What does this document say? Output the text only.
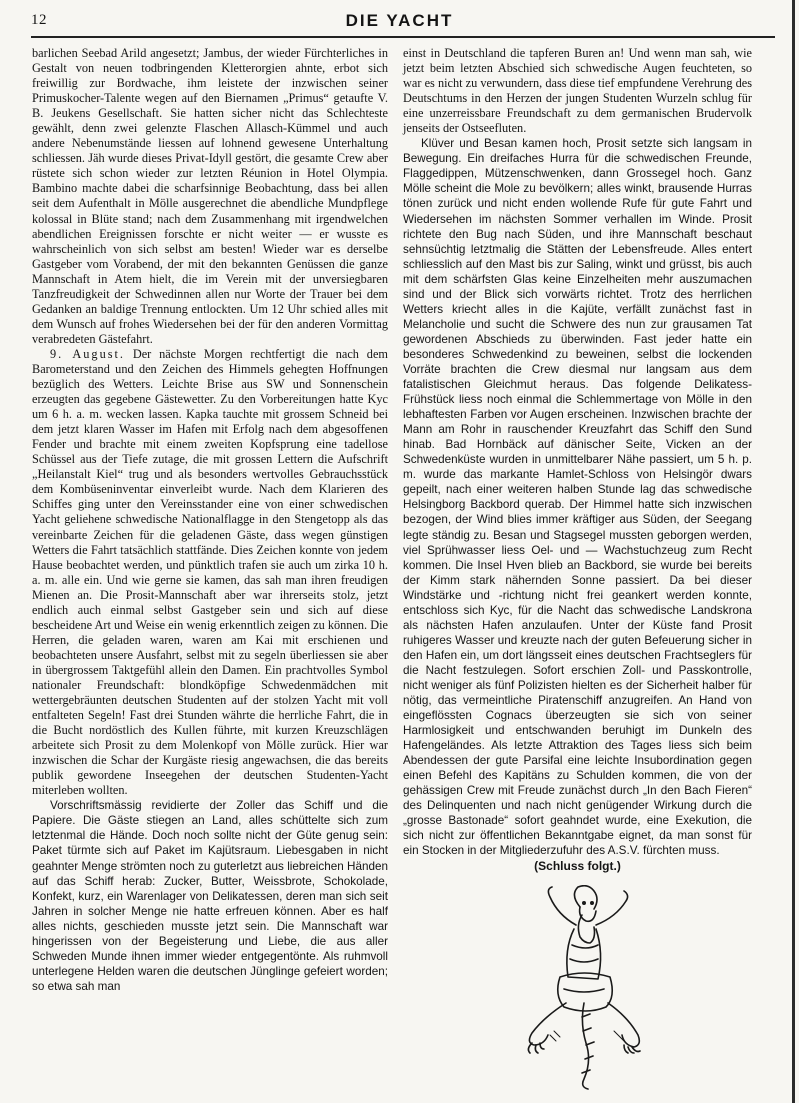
12	DIE YACHT

barlichen Seebad Arild angesetzt; Jambus, der wieder Fürchterliches in Gestalt von neuen todbringenden Kletterorgien ahnte, erbot sich freiwillig zur Bordwache, ihm leistete der inzwischen seiner Primuskocher-Talente wegen auf den Biernamen „Primus“ getaufte V. B. Jeukens Gesellschaft. Sie hatten sicher nicht das Schlechteste gewählt, denn zwei gelenzte Flaschen Allasch-Kümmel und auch andere Nebenumstände liessen auf lohnend gewesene Unterhaltung schliessen. Jäh wurde dieses Privat-Idyll gestört, die gesamte Crew aber rüstete sich schon wieder zur letzten Réunion in Hotel Olympia. Bambino machte dabei die scharfsinnige Beobachtung, dass bei allen seit dem Aufenthalt in Mölle ausgerechnet die abendliche Mundpflege kolossal in Blüte stand; nach dem Zusammenhang mit irgendwelchen abendlichen Ereignissen forschte er nicht weiter — er wusste es wahrscheinlich von sich selbst am besten! Wieder war es derselbe Gastgeber vom Vorabend, der mit den bekannten Genüssen die ganze Mannschaft in Atem hielt, die im Verein mit der unversiegbaren Tanzfreudigkeit der Schwedinnen allen nur Worte der Trauer bei dem Gedanken an baldige Trennung entlockten. Um 12 Uhr schied alles mit dem Wunsch auf frohes Wiedersehen bei der für den anderen Vormittag verabredeten Gästefahrt.

9. August. Der nächste Morgen rechtfertigt die nach dem Barometerstand und den Zeichen des Himmels gehegten Hoffnungen bezüglich des Wetters. Leichte Brise aus SW und Sonnenschein erzeugten das gegebene Gästewetter. Zu den Vorbereitungen hatte Kyc um 6 h. a. m. wecken lassen. Kapka tauchte mit grossem Schneid bei dem jetzt klaren Wasser im Hafen mit Erfolg nach dem abgesoffenen Fender und brachte mit einem zweiten Kopfsprung eine tadellose Schüssel aus der Tiefe zutage, die mit grossen Lettern die Aufschrift „Heilanstalt Kiel“ trug und als besonders wertvolles Gebrauchsstück dem Kombüseninventar einverleibt wurde. Nach dem Klarieren des Schiffes ging unter den Vereinsstander eine von einer schwedischen Yacht geliehene schwedische Nationalflagge in den Stengetopp als das vereinbarte Zeichen für die geladenen Gäste, dass wegen günstigen Wetters die Fahrt tatsächlich stattfände. Dies Zeichen konnte von jedem Hause beobachtet werden, und pünktlich trafen sie auch um zirka 10 h. a. m. alle ein. Und wie gerne sie kamen, das sah man ihren freudigen Mienen an. Die Prosit-Mannschaft aber war ihrerseits stolz, jetzt endlich auch einmal selbst Gastgeber sein und sich auf diese bescheidene Art und Weise ein wenig erkenntlich zeigen zu können. Die Herren, die geladen waren, waren am Kai mit erschienen und beobachteten unsere Ausfahrt, selbst mit zu segeln überliessen sie aber in übergrossem Taktgefühl allein den Damen. Ein prachtvolles Symbol nationaler Freundschaft: blondköpfige Schwedenmädchen mit wettergebräunten deutschen Studenten auf der stolzen Yacht mit voll entfalteten Segeln! Fast drei Stunden währte die herrliche Fahrt, die in die Bucht nordöstlich des Kullen führte, mit kurzen Kreuzschlägen arbeitete sich Prosit zu dem Molenkopf von Mölle zurück. Hier war inzwischen die Schar der Kurgäste riesig angewachsen, die das bereits publik gewordene Inseegehen der deutschen Studenten-Yacht miterleben wollten.

Vorschriftsmässig revidierte der Zoller das Schiff und die Papiere. Die Gäste stiegen an Land, alles schüttelte sich zum letztenmal die Hände. Doch noch sollte nicht der Güte genug sein: Paket türmte sich auf Paket im Kajütsraum. Liebesgaben in nicht geahnter Menge strömten noch zu guterletzt aus liebreichen Händen auf das Schiff herab: Zucker, Butter, Weissbrote, Schokolade, Konfekt, kurz, ein Warenlager von Delikatessen, deren man sich seit Jahren in solcher Menge nie hatte erfreuen können. Aber es half alles nichts, geschieden musste jetzt sein. Die Mannschaft war hingerissen von der Begeisterung und Liebe, die aus aller Schweden Munde ihnen immer wieder entgegentönte. Als ruhmvoll unterlegene Helden waren die deutschen Jünglinge gefeiert worden; so etwa sah man

einst in Deutschland die tapferen Buren an! Und wenn man sah, wie jetzt beim letzten Abschied sich schwedische Augen feuchteten, so war es nicht zu verwundern, dass diese tief empfundene Verehrung des Deutschtums in den Herzen der jungen Studenten Wurzeln schlug für eine unzerreissbare Freundschaft zu dem germanischen Brudervolk jenseits der Ostseefluten.

Klüver und Besan kamen hoch, Prosit setzte sich langsam in Bewegung. Ein dreifaches Hurra für die schwedischen Freunde, Flaggedippen, Mützenschwenken, dann Grossegel hoch. Ganz Mölle scheint die Mole zu bevölkern; alles winkt, brausende Hurras tönen zurück und nicht enden wollende Rufe für gute Fahrt und Wiedersehen im nächsten Sommer verhallen im Winde. Prosit richtete den Bug nach Süden, und ihre Mannschaft beschaut sehnsüchtig letztmalig die Stätten der Lebensfreude. Alles entert schliesslich auf den Mast bis zur Saling, winkt und grüsst, bis auch mit dem schärfsten Glas keine Einzelheiten mehr auszumachen sind und der Blick sich vorwärts richtet. Trotz des herrlichen Wetters kriecht alles in die Kajüte, verfällt zunächst fast in Melancholie und sucht die Schwere des nun zur grausamen Tat gewordenen Abschieds zu überwinden. Fast jeder hatte ein besonderes Schwedenkind zu beweinen, selbst die lockenden Vorräte brachten die Crew diesmal nur langsam aus dem fatalistischen Gleichmut heraus. Das folgende Delikatess-Frühstück liess noch einmal die Schlemmertage von Mölle in den lebhaftesten Farben vor Augen erscheinen. Inzwischen brachte der Mann am Rohr in rauschender Kreuzfahrt das Schiff den Sund hinab. Bad Hornbäck auf dänischer Seite, Vicken an der Schwedenküste wurden in unmittelbarer Nähe passiert, um 5 h. p. m. wurde das markante Hamlet-Schloss von Helsingör dwars gepeilt, nach einer weiteren halben Stunde lag das schwedische Helsingborg Backbord querab. Der Himmel hatte sich inzwischen bezogen, der Wind blies immer kräftiger aus Süden, der Seegang legte ständig zu. Besan und Stagsegel mussten geborgen werden, viel Sprühwasser liess Oel- und — Wachstuchzeug zum Recht kommen. Die Insel Hven blieb an Backbord, sie wurde bei bereits der Kimm stark nähernden Sonne passiert. Da bei dieser Windstärke und -richtung nicht frei geankert werden konnte, entschloss sich Kyc, für die Nacht das schwedische Landskrona als nächsten Hafen anzulaufen. Unter der Küste fand Prosit ruhigeres Wasser und kreuzte nach der guten Befeuerung sicher in den Hafen ein, um dort längsseit eines deutschen Frachtseglers für die Nacht festzulegen. Sofort erschien Zoll- und Passkontrolle, nicht weniger als fünf Polizisten hielten es der Sicherheit halber für nötig, das vermeintliche Piratenschiff anzugreifen. An Hand von eingeflössten Cognacs überzeugten sie sich von seiner Harmlosigkeit und entschwanden beruhigt im Dunkeln des Hafengeländes. Als letzte Attraktion des Tages liess sich beim Abendessen der gute Parsifal eine leichte Insubordination gegen einen Befehl des Kapitäns zu Schulden kommen, die von der gehässigen Crew mit Freude zunächst durch „In den Bach Fieren“ des Delinquenten und nach nicht genügender Wirkung durch die „grosse Bastonade“ sofort geahndet wurde, eine Exekution, die sich nicht zur öffentlichen Bekanntgabe eignet, da man sonst für ein Stocken in der Mitgliederzufuhr des A.S.V. fürchten muss.

(Schluss folgt.)
